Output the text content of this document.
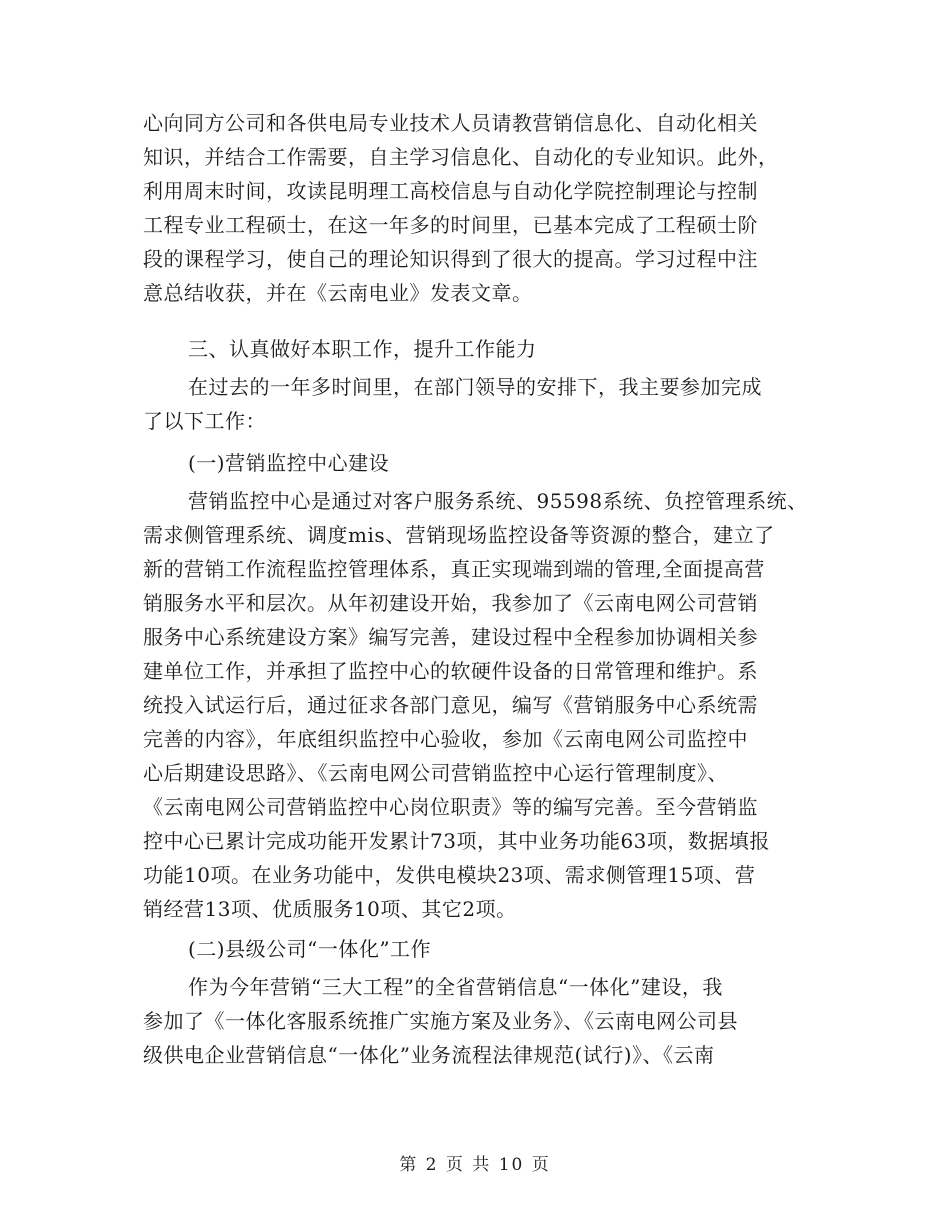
心向同方公司和各供电局专业技术人员请教营销信息化、自动化相关
知识，并结合工作需要，自主学习信息化、自动化的专业知识。此外，
利用周末时间，攻读昆明理工高校信息与自动化学院控制理论与控制
工程专业工程硕士，在这一年多的时间里，已基本完成了工程硕士阶
段的课程学习，使自己的理论知识得到了很大的提高。学习过程中注
意总结收获，并在《云南电业》发表文章。
三、认真做好本职工作，提升工作能力
在过去的一年多时间里，在部门领导的安排下，我主要参加完成
了以下工作：
(一)营销监控中心建设
营销监控中心是通过对客户服务系统、95598系统、负控管理系统、
需求侧管理系统、调度mis、营销现场监控设备等资源的整合，建立了
新的营销工作流程监控管理体系，真正实现端到端的管理,全面提高营
销服务水平和层次。从年初建设开始，我参加了《云南电网公司营销
服务中心系统建设方案》编写完善，建设过程中全程参加协调相关参
建单位工作，并承担了监控中心的软硬件设备的日常管理和维护。系
统投入试运行后，通过征求各部门意见，编写《营销服务中心系统需
完善的内容》，年底组织监控中心验收，参加《云南电网公司监控中
心后期建设思路》、《云南电网公司营销监控中心运行管理制度》、
《云南电网公司营销监控中心岗位职责》等的编写完善。至今营销监
控中心已累计完成功能开发累计73项，其中业务功能63项，数据填报
功能10项。在业务功能中，发供电模块23项、需求侧管理15项、营
销经营13项、优质服务10项、其它2项。
(二)县级公司“一体化”工作
作为今年营销“三大工程”的全省营销信息“一体化”建设，我
参加了《一体化客服系统推广实施方案及业务》、《云南电网公司县
级供电企业营销信息“一体化”业务流程法律规范(试行)》、《云南
第 2 页 共 10 页
